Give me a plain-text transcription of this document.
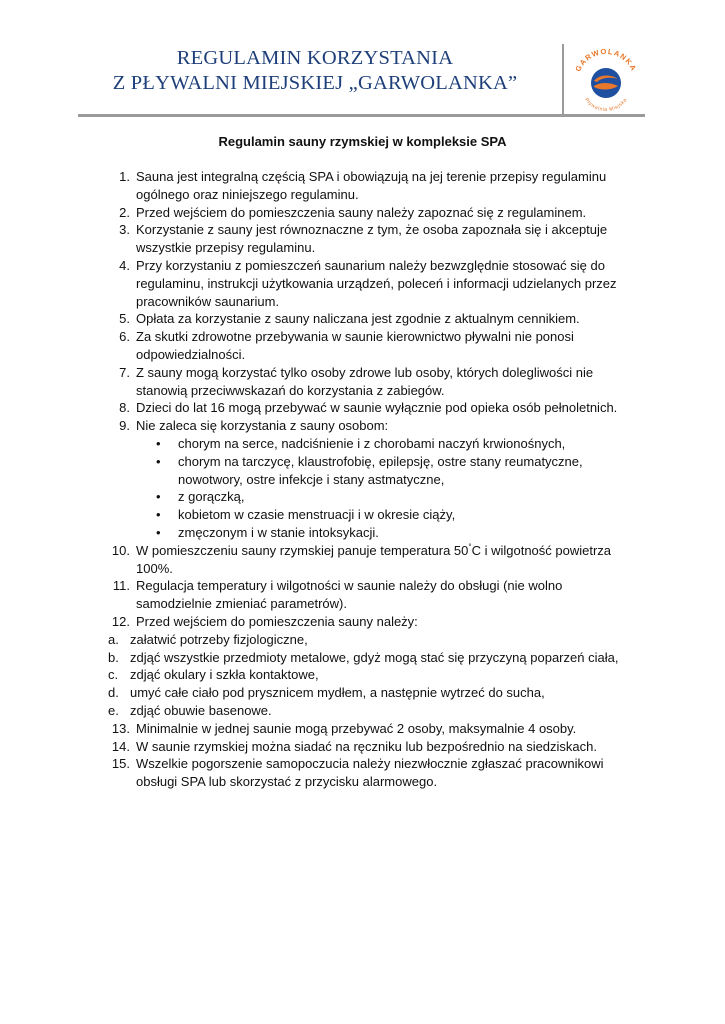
REGULAMIN KORZYSTANIA
Z PŁYWALNI MIEJSKIEJ „GARWOLANKA”
GARWOLANKA
Pływalnia Miejska
Regulamin sauny rzymskiej w kompleksie SPA
1. Sauna jest integralną częścią SPA i obowiązują na jej terenie przepisy regulaminu ogólnego oraz niniejszego regulaminu.
2. Przed wejściem do pomieszczenia sauny należy zapoznać się z regulaminem.
3. Korzystanie z sauny jest równoznaczne z tym, że osoba zapoznała się i akceptuje wszystkie przepisy regulaminu.
4. Przy korzystaniu z pomieszczeń saunarium należy bezwzględnie stosować się do regulaminu, instrukcji użytkowania urządzeń, poleceń i informacji udzielanych przez pracowników saunarium.
5. Opłata za korzystanie z sauny naliczana jest zgodnie z aktualnym cennikiem.
6. Za skutki zdrowotne przebywania w saunie kierownictwo pływalni nie ponosi odpowiedzialności.
7. Z sauny mogą korzystać tylko osoby zdrowe lub osoby, których dolegliwości nie stanowią przeciwwskazań do korzystania z zabiegów.
8. Dzieci do lat 16 mogą przebywać w saunie wyłącznie pod opieka osób pełnoletnich.
9. Nie zaleca się korzystania z sauny osobom:
•	chorym na serce, nadciśnienie i z chorobami naczyń krwionośnych,
•	chorym na tarczycę, klaustrofobię, epilepsję, ostre stany reumatyczne, nowotwory, ostre infekcje i stany astmatyczne,
•	z gorączką,
•	kobietom w czasie menstruacji i w okresie ciąży,
•	zmęczonym i w stanie intoksykacji.
10. W pomieszczeniu sauny rzymskiej panuje temperatura 50°C i wilgotność powietrza 100%.
11. Regulacja temperatury i wilgotności w saunie należy do obsługi (nie wolno samodzielnie zmieniać parametrów).
12. Przed wejściem do pomieszczenia sauny należy:
a. załatwić potrzeby fizjologiczne,
b. zdjąć wszystkie przedmioty metalowe, gdyż mogą stać się przyczyną poparzeń ciała,
c. zdjąć okulary i szkła kontaktowe,
d. umyć całe ciało pod prysznicem mydłem, a następnie wytrzeć do sucha,
e. zdjąć obuwie basenowe.
13. Minimalnie w jednej saunie mogą przebywać 2 osoby, maksymalnie 4 osoby.
14. W saunie rzymskiej można siadać na ręczniku lub bezpośrednio na siedziskach.
15. Wszelkie pogorszenie samopoczucia należy niezwłocznie zgłaszać pracownikowi obsługi SPA lub skorzystać z przycisku alarmowego.
